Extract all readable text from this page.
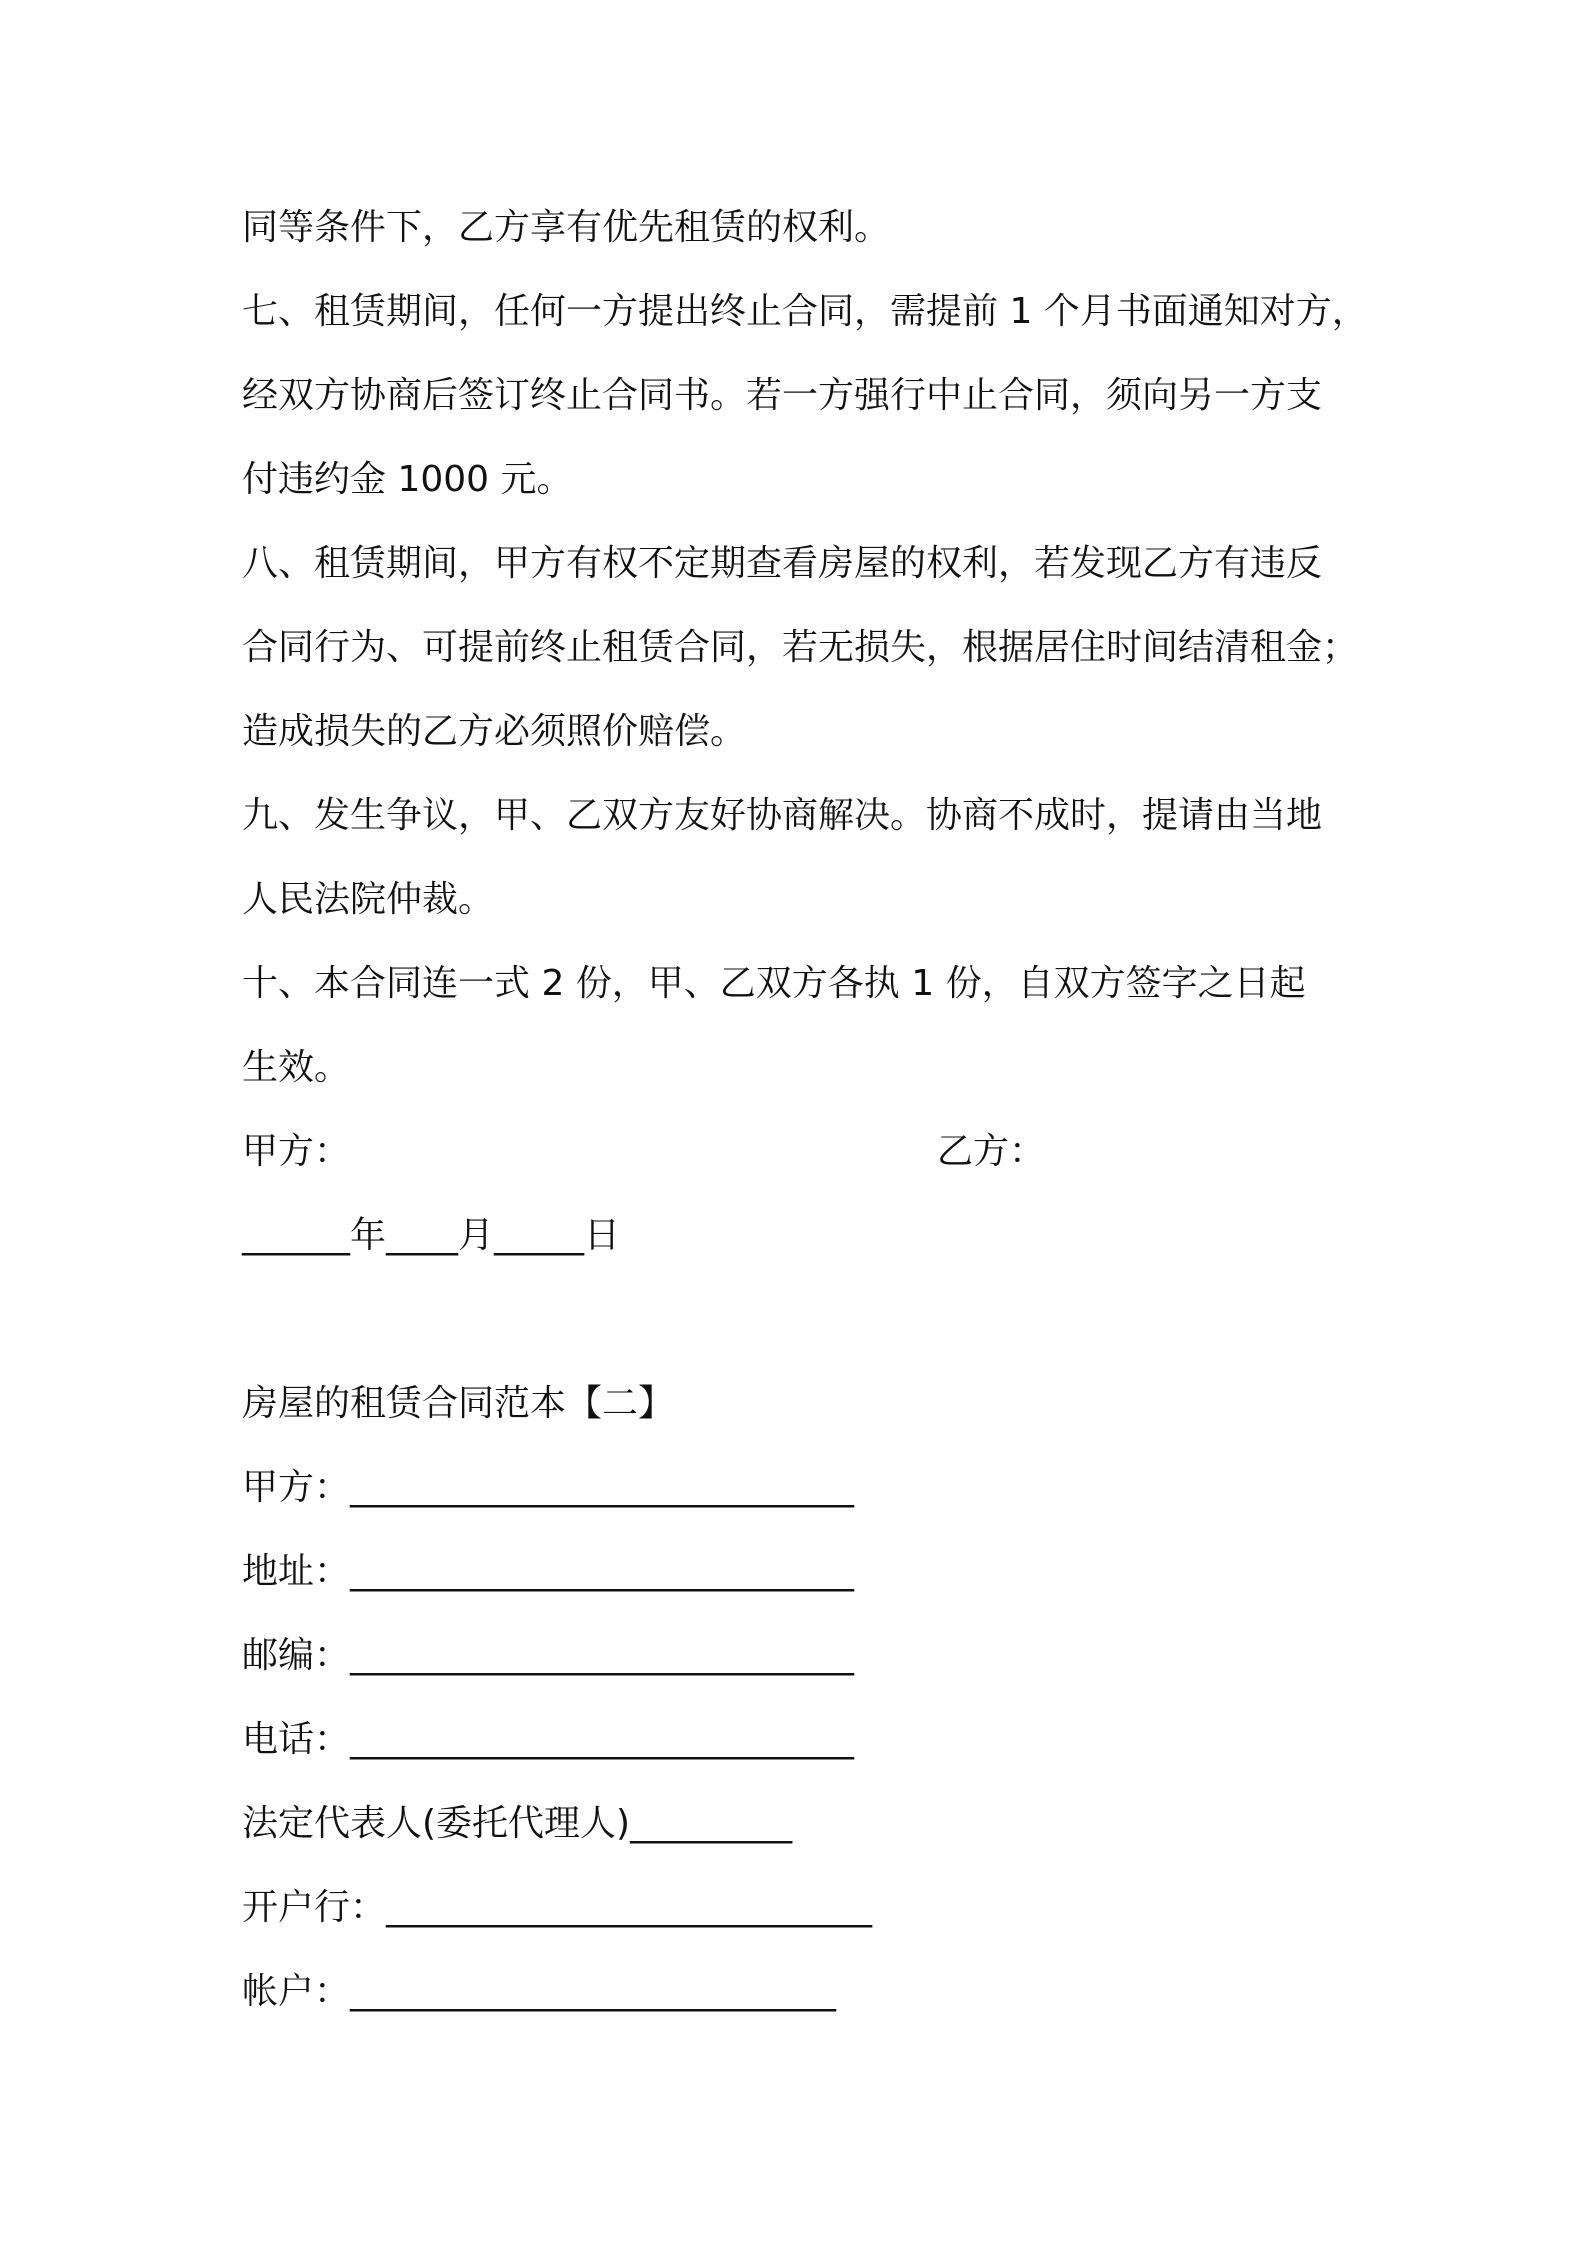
同等条件下，乙方享有优先租赁的权利。
七、租赁期间，任何一方提出终止合同，需提前 1 个月书面通知对方，
经双方协商后签订终止合同书。若一方强行中止合同，须向另一方支
付违约金 1000 元。
八、租赁期间，甲方有权不定期查看房屋的权利，若发现乙方有违反
合同行为、可提前终止租赁合同，若无损失，根据居住时间结清租金；
造成损失的乙方必须照价赔偿。
九、发生争议，甲、乙双方友好协商解决。协商不成时，提请由当地
人民法院仲裁。
十、本合同连一式 2 份，甲、乙双方各执 1 份，自双方签字之日起
生效。
甲方：	乙方：
______年____月_____日
房屋的租赁合同范本【二】
甲方：____________________________
地址：____________________________
邮编：____________________________
电话：____________________________
法定代表人(委托代理人)_________
开户行：___________________________
帐户：___________________________
